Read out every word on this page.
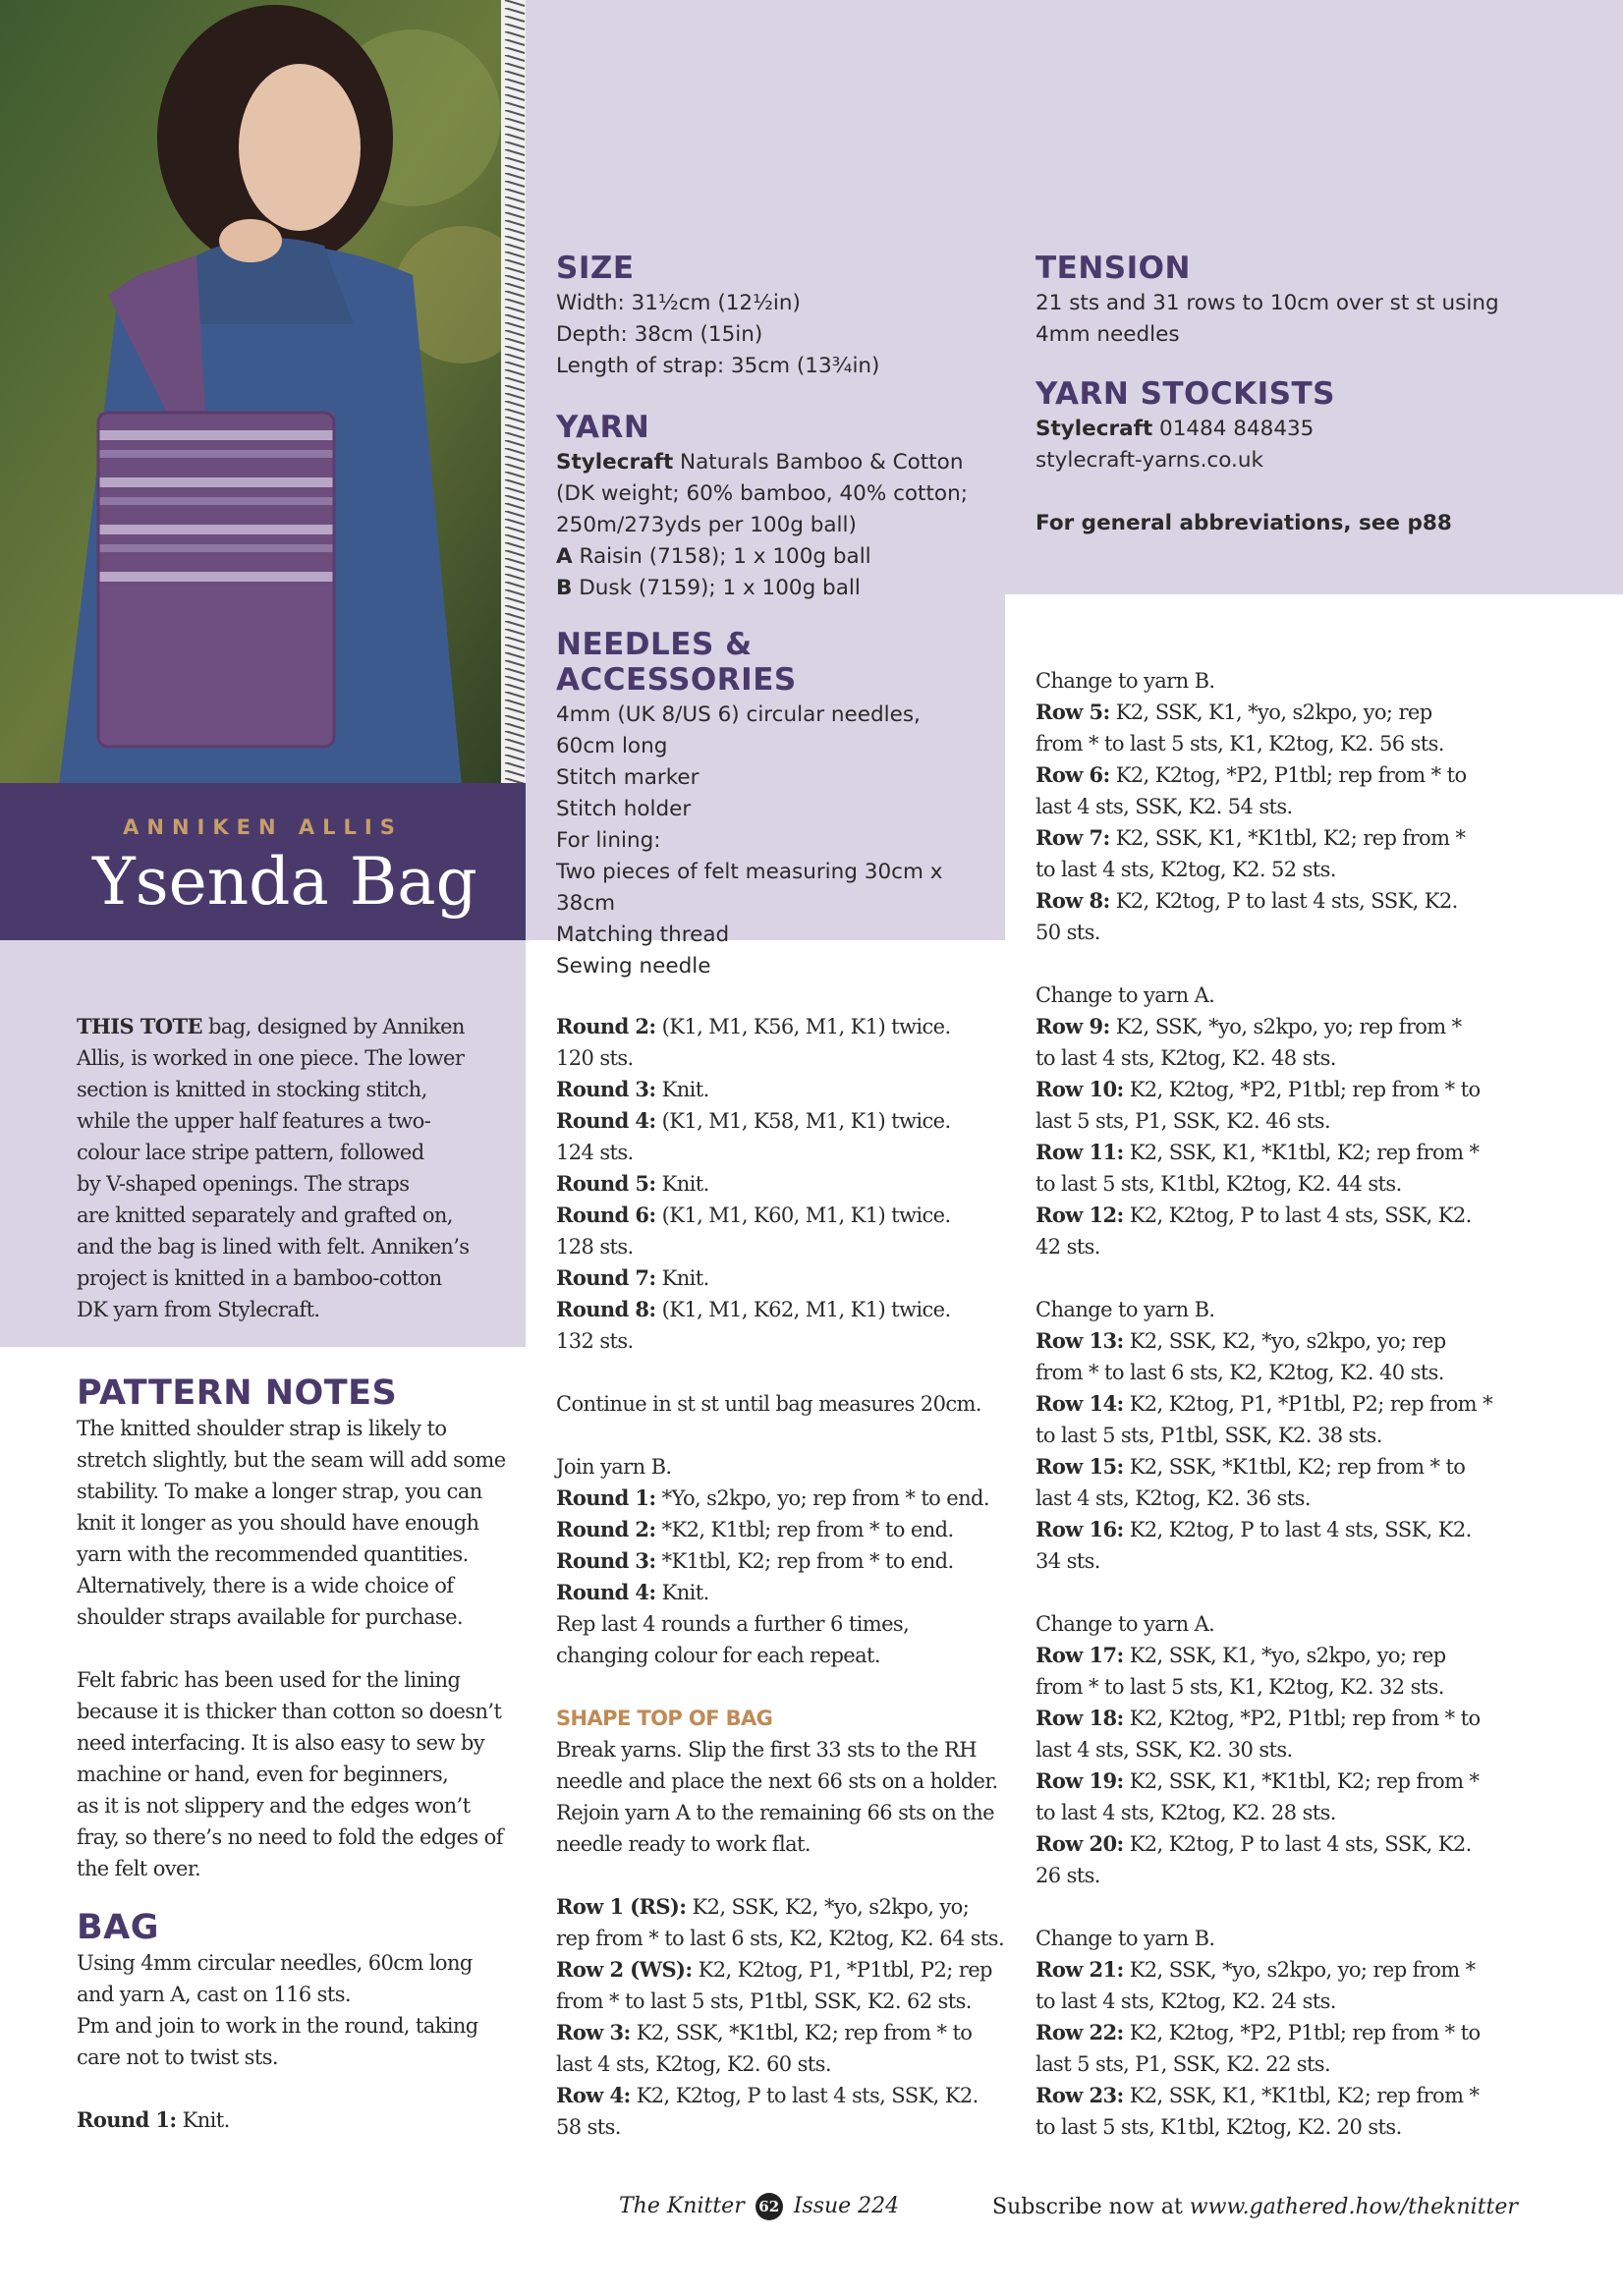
ANNIKEN ALLIS
Ysenda Bag
SIZE

Width: 31½cm (12½in)

Depth: 38cm (15in)

Length of strap: 35cm (13¾in)

YARN

Stylecraft Naturals Bamboo & Cotton

(DK weight; 60% bamboo, 40% cotton;

250m/273yds per 100g ball)

A Raisin (7158); 1 x 100g ball

B Dusk (7159); 1 x 100g ball

NEEDLES & ACCESSORIES

4mm (UK 8/US 6) circular needles,

60cm long

Stitch marker

Stitch holder

For lining:

Two pieces of felt measuring 30cm x 38cm

Matching thread

Sewing needle

TENSION

21 sts and 31 rows to 10cm over st st using

4mm needles

YARN STOCKISTS

Stylecraft 01484 848435

stylecraft-yarns.co.uk

For general abbreviations, see p88

THIS TOTE bag, designed by Anniken

Allis, is worked in one piece. The lower

section is knitted in stocking stitch,

while the upper half features a two-

colour lace stripe pattern, followed

by V-shaped openings. The straps

are knitted separately and grafted on,

and the bag is lined with felt. Anniken’s

project is knitted in a bamboo-cotton

DK yarn from Stylecraft.

PATTERN NOTES

The knitted shoulder strap is likely to

stretch slightly, but the seam will add some

stability. To make a longer strap, you can

knit it longer as you should have enough

yarn with the recommended quantities.

Alternatively, there is a wide choice of

shoulder straps available for purchase.

Felt fabric has been used for the lining

because it is thicker than cotton so doesn’t

need interfacing. It is also easy to sew by

machine or hand, even for beginners,

as it is not slippery and the edges won’t

fray, so there’s no need to fold the edges of

the felt over.

BAG

Using 4mm circular needles, 60cm long

and yarn A, cast on 116 sts.

Pm and join to work in the round, taking

care not to twist sts.

Round 1: Knit.

Round 2: (K1, M1, K56, M1, K1) twice.

120 sts.

Round 3: Knit.

Round 4: (K1, M1, K58, M1, K1) twice.

124 sts.

Round 5: Knit.

Round 6: (K1, M1, K60, M1, K1) twice.

128 sts.

Round 7: Knit.

Round 8: (K1, M1, K62, M1, K1) twice.

132 sts.

Continue in st st until bag measures 20cm.

Join yarn B.

Round 1: *Yo, s2kpo, yo; rep from * to end.

Round 2: *K2, K1tbl; rep from * to end.

Round 3: *K1tbl, K2; rep from * to end.

Round 4: Knit.

Rep last 4 rounds a further 6 times,

changing colour for each repeat.

SHAPE TOP OF BAG

Break yarns. Slip the first 33 sts to the RH

needle and place the next 66 sts on a holder.

Rejoin yarn A to the remaining 66 sts on the

needle ready to work flat.

Row 1 (RS): K2, SSK, K2, *yo, s2kpo, yo;

rep from * to last 6 sts, K2, K2tog, K2. 64 sts.

Row 2 (WS): K2, K2tog, P1, *P1tbl, P2; rep

from * to last 5 sts, P1tbl, SSK, K2. 62 sts.

Row 3: K2, SSK, *K1tbl, K2; rep from * to

last 4 sts, K2tog, K2. 60 sts.

Row 4: K2, K2tog, P to last 4 sts, SSK, K2.

58 sts.

Change to yarn B.

Row 5: K2, SSK, K1, *yo, s2kpo, yo; rep

from * to last 5 sts, K1, K2tog, K2. 56 sts.

Row 6: K2, K2tog, *P2, P1tbl; rep from * to

last 4 sts, SSK, K2. 54 sts.

Row 7: K2, SSK, K1, *K1tbl, K2; rep from *

to last 4 sts, K2tog, K2. 52 sts.

Row 8: K2, K2tog, P to last 4 sts, SSK, K2.

50 sts.

Change to yarn A.

Row 9: K2, SSK, *yo, s2kpo, yo; rep from *

to last 4 sts, K2tog, K2. 48 sts.

Row 10: K2, K2tog, *P2, P1tbl; rep from * to

last 5 sts, P1, SSK, K2. 46 sts.

Row 11: K2, SSK, K1, *K1tbl, K2; rep from *

to last 5 sts, K1tbl, K2tog, K2. 44 sts.

Row 12: K2, K2tog, P to last 4 sts, SSK, K2.

42 sts.

Change to yarn B.

Row 13: K2, SSK, K2, *yo, s2kpo, yo; rep

from * to last 6 sts, K2, K2tog, K2. 40 sts.

Row 14: K2, K2tog, P1, *P1tbl, P2; rep from *

to last 5 sts, P1tbl, SSK, K2. 38 sts.

Row 15: K2, SSK, *K1tbl, K2; rep from * to

last 4 sts, K2tog, K2. 36 sts.

Row 16: K2, K2tog, P to last 4 sts, SSK, K2.

34 sts.

Change to yarn A.

Row 17: K2, SSK, K1, *yo, s2kpo, yo; rep

from * to last 5 sts, K1, K2tog, K2. 32 sts.

Row 18: K2, K2tog, *P2, P1tbl; rep from * to

last 4 sts, SSK, K2. 30 sts.

Row 19: K2, SSK, K1, *K1tbl, K2; rep from *

to last 4 sts, K2tog, K2. 28 sts.

Row 20: K2, K2tog, P to last 4 sts, SSK, K2.

26 sts.

Change to yarn B.

Row 21: K2, SSK, *yo, s2kpo, yo; rep from *

to last 4 sts, K2tog, K2. 24 sts.

Row 22: K2, K2tog, *P2, P1tbl; rep from * to

last 5 sts, P1, SSK, K2. 22 sts.

Row 23: K2, SSK, K1, *K1tbl, K2; rep from *

to last 5 sts, K1tbl, K2tog, K2. 20 sts.

The Knitter 62 Issue 224	Subscribe now at www.gathered.how/theknitter
